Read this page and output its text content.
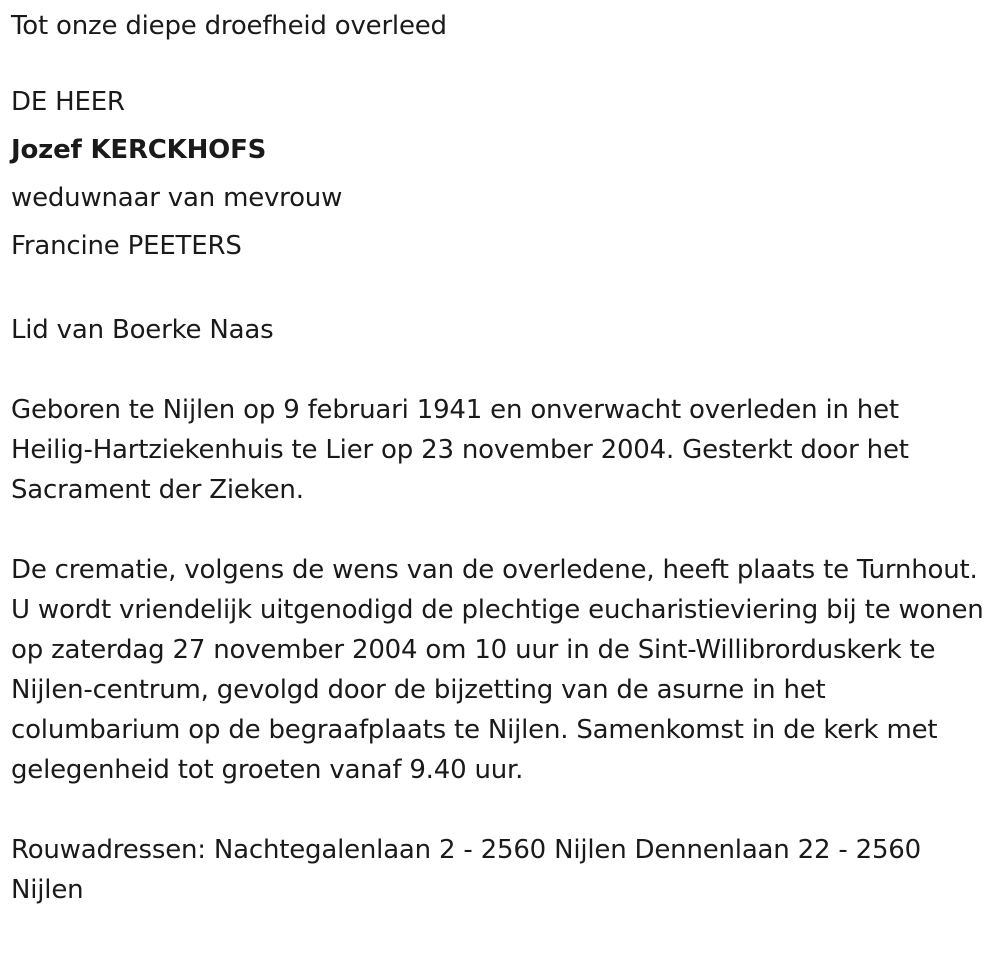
Tot onze diepe droefheid overleed
DE HEER
Jozef KERCKHOFS
weduwnaar van mevrouw
Francine PEETERS
Lid van Boerke Naas
Geboren te Nijlen op 9 februari 1941 en onverwacht overleden in het Heilig-Hartziekenhuis te Lier op 23 november 2004. Gesterkt door het Sacrament der Zieken.
De crematie, volgens de wens van de overledene, heeft plaats te Turnhout. U wordt vriendelijk uitgenodigd de plechtige eucharistieviering bij te wonen op zaterdag 27 november 2004 om 10 uur in de Sint-Willibrorduskerk te Nijlen-centrum, gevolgd door de bijzetting van de asurne in het columbarium op de begraafplaats te Nijlen. Samenkomst in de kerk met gelegenheid tot groeten vanaf 9.40 uur.
Rouwadressen: Nachtegalenlaan 2 - 2560 Nijlen Dennenlaan 22 - 2560 Nijlen
